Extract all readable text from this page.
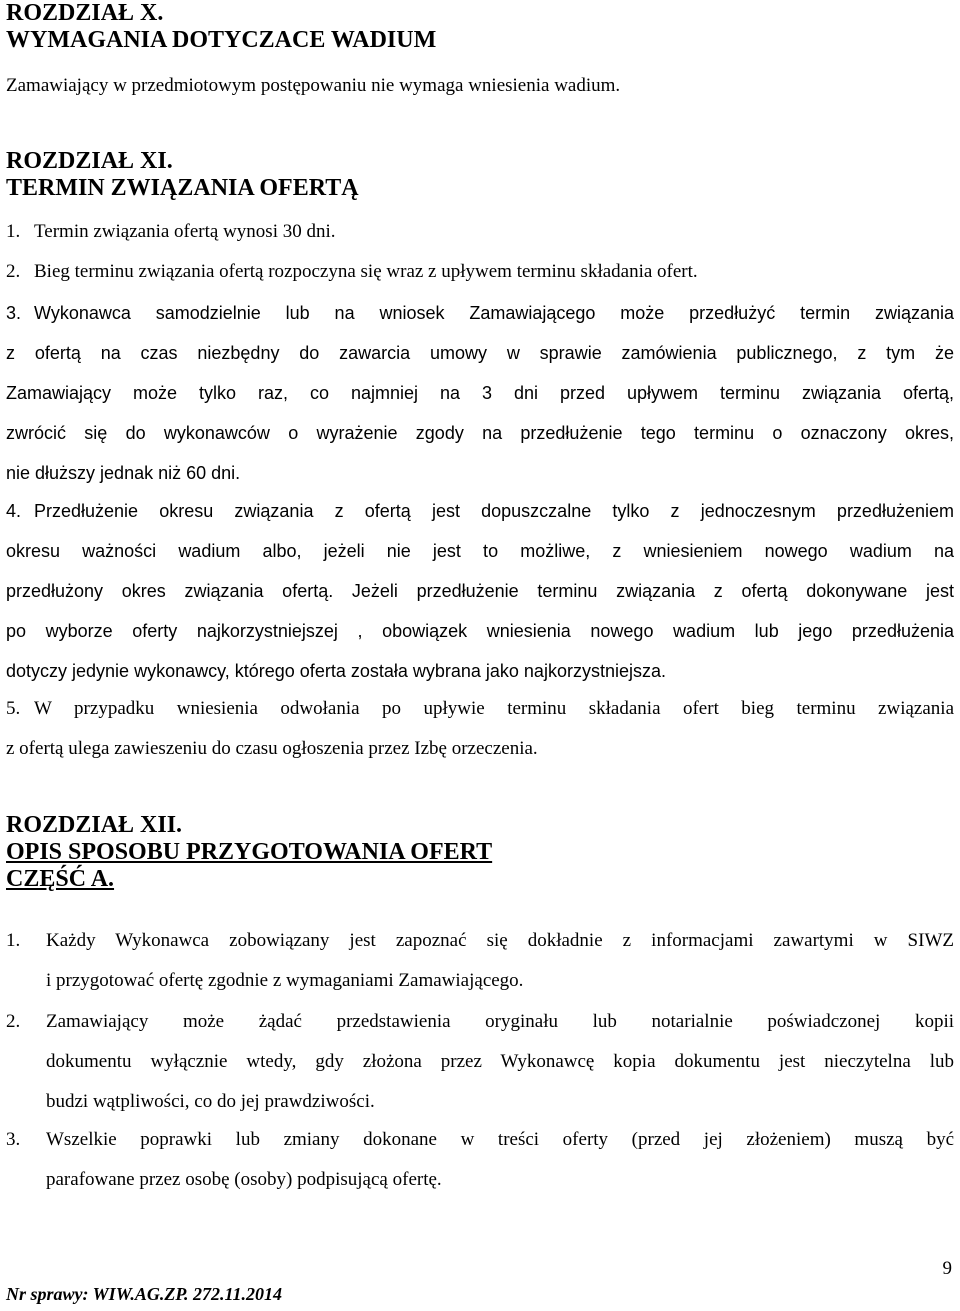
ROZDZIAŁ X.
WYMAGANIA DOTYCZACE WADIUM
Zamawiający w przedmiotowym postępowaniu nie wymaga wniesienia wadium.
ROZDZIAŁ XI.
TERMIN ZWIĄZANIA OFERTĄ
1. Termin związania ofertą wynosi 30 dni.
2. Bieg terminu związania ofertą rozpoczyna się wraz z upływem terminu składania ofert.
3. Wykonawca samodzielnie lub na wniosek Zamawiającego może przedłużyć termin związania
z ofertą na czas niezbędny do zawarcia umowy w sprawie zamówienia publicznego, z tym że
Zamawiający może tylko raz, co najmniej na 3 dni przed upływem terminu związania ofertą,
zwrócić się do wykonawców o wyrażenie zgody na przedłużenie tego terminu o oznaczony okres,
nie dłuższy jednak niż 60 dni.
4. Przedłużenie okresu związania z ofertą jest dopuszczalne tylko z jednoczesnym przedłużeniem
okresu ważności wadium albo, jeżeli nie jest to możliwe, z wniesieniem nowego wadium na
przedłużony okres związania ofertą. Jeżeli przedłużenie terminu związania z ofertą dokonywane jest
po wyborze oferty najkorzystniejszej , obowiązek wniesienia nowego wadium lub jego przedłużenia
dotyczy jedynie wykonawcy, którego oferta została wybrana jako najkorzystniejsza.
5. W przypadku wniesienia odwołania po upływie terminu składania ofert bieg terminu związania
z ofertą ulega zawieszeniu do czasu ogłoszenia przez Izbę orzeczenia.
ROZDZIAŁ XII.
OPIS SPOSOBU PRZYGOTOWANIA OFERT
CZĘŚĆ A.
1. Każdy Wykonawca zobowiązany jest zapoznać się dokładnie z informacjami zawartymi w SIWZ
i przygotować ofertę zgodnie z wymaganiami Zamawiającego.
2. Zamawiający może żądać przedstawienia oryginału lub notarialnie poświadczonej kopii
dokumentu wyłącznie wtedy, gdy złożona przez Wykonawcę kopia dokumentu jest nieczytelna lub
budzi wątpliwości, co do jej prawdziwości.
3. Wszelkie poprawki lub zmiany dokonane w treści oferty (przed jej złożeniem) muszą być
parafowane przez osobę (osoby) podpisującą ofertę.
9
Nr sprawy: WIW.AG.ZP. 272.11.2014
